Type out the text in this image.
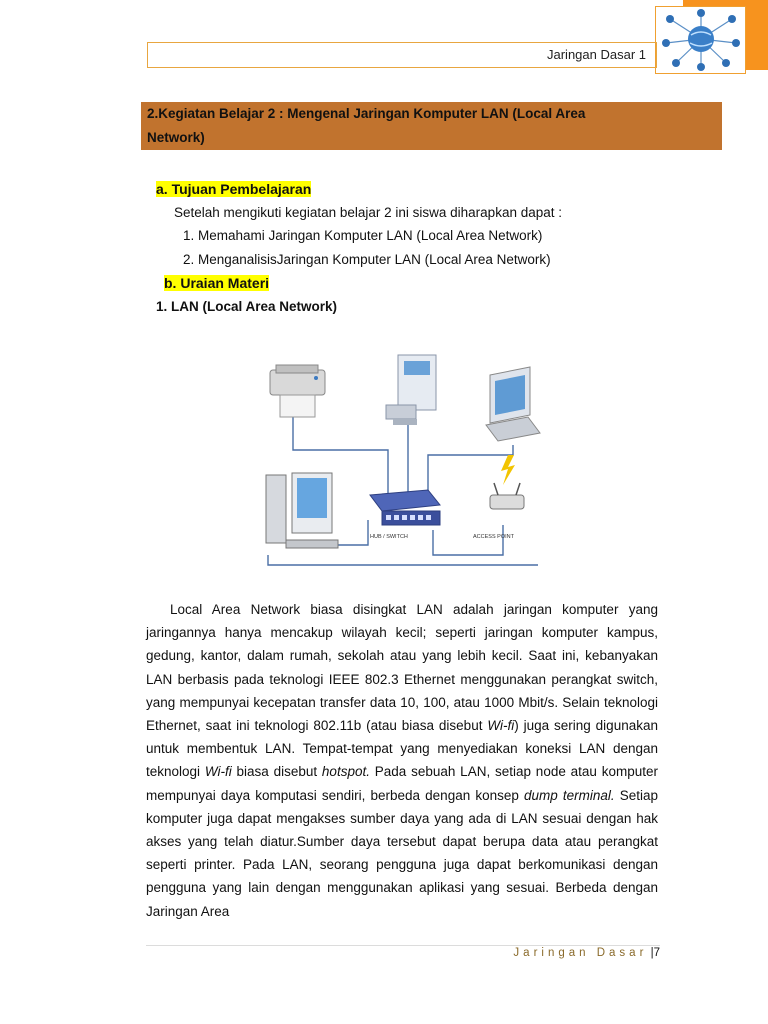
Jaringan Dasar 1
2.Kegiatan Belajar 2 : Mengenal Jaringan Komputer LAN (Local Area
Network)
a. Tujuan Pembelajaran
Setelah mengikuti kegiatan belajar 2 ini siswa diharapkan dapat :
1. Memahami Jaringan Komputer LAN (Local Area Network)
2. MenganalisisJaringan Komputer LAN (Local Area Network)
b. Uraian Materi
1. LAN (Local Area Network)
HUB / SWITCH	ACCESS POINT

Local Area Network biasa disingkat LAN adalah jaringan komputer yang jaringannya hanya mencakup wilayah kecil; seperti jaringan komputer kampus, gedung, kantor, dalam rumah, sekolah atau yang lebih kecil. Saat ini, kebanyakan LAN berbasis pada teknologi IEEE 802.3 Ethernet menggunakan perangkat switch, yang mempunyai kecepatan transfer data 10, 100, atau 1000 Mbit/s. Selain teknologi Ethernet, saat ini teknologi 802.11b (atau biasa disebut Wi-fi) juga sering digunakan untuk membentuk LAN. Tempat-tempat yang menyediakan koneksi LAN dengan teknologi Wi-fi biasa disebut hotspot. Pada sebuah LAN, setiap node atau komputer mempunyai daya komputasi sendiri, berbeda dengan konsep dump terminal. Setiap komputer juga dapat mengakses sumber daya yang ada di LAN sesuai dengan hak akses yang telah diatur.Sumber daya tersebut dapat berupa data atau perangkat seperti printer. Pada LAN, seorang pengguna juga dapat berkomunikasi dengan pengguna yang lain dengan menggunakan aplikasi yang sesuai. Berbeda dengan Jaringan Area

Jaringan Dasar |7
